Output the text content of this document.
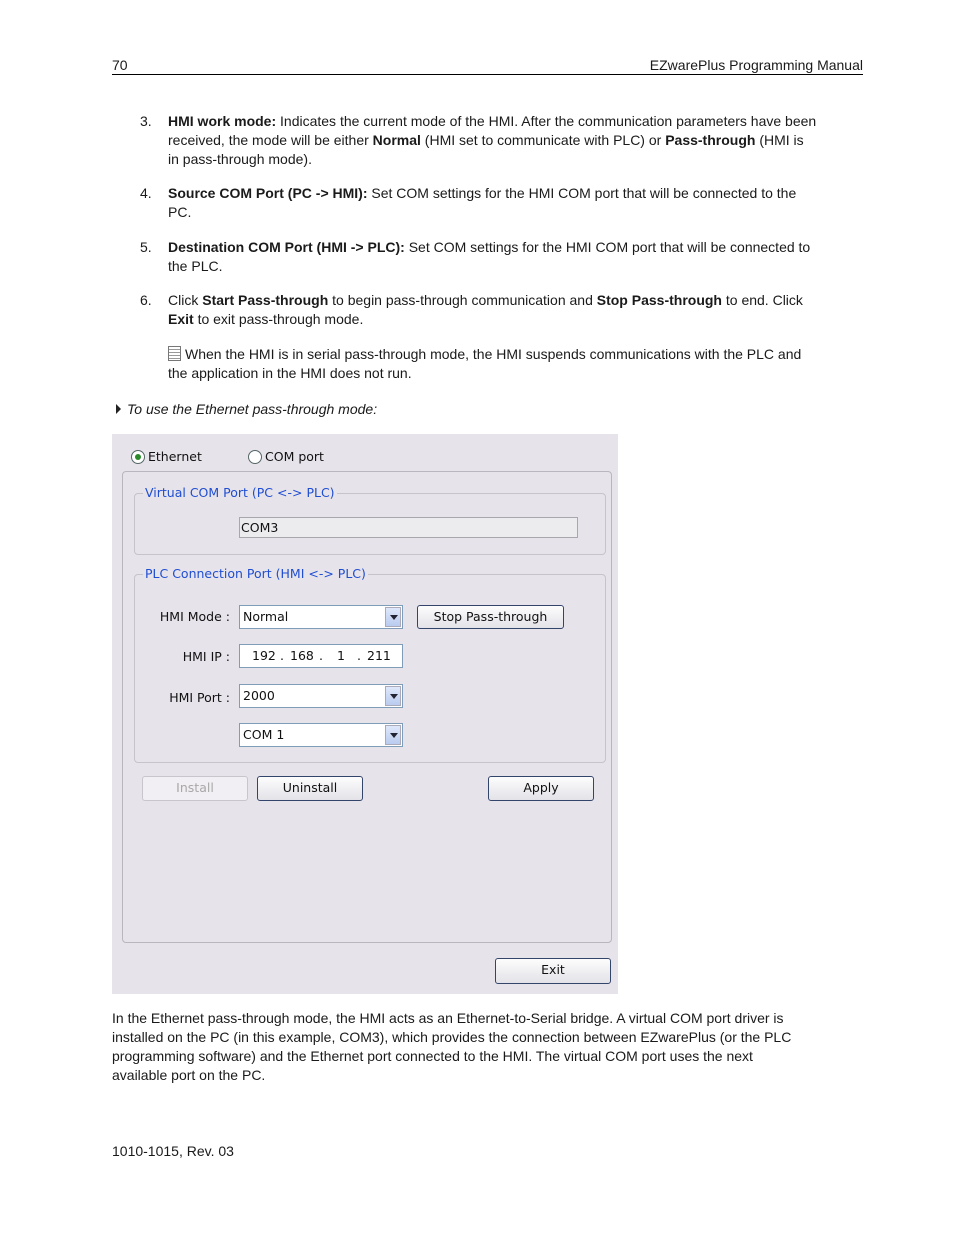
70	EZwarePlus Programming Manual
3. HMI work mode: Indicates the current mode of the HMI. After the communication parameters have been received, the mode will be either Normal (HMI set to communicate with PLC) or Pass-through (HMI is in pass-through mode).
4. Source COM Port (PC -> HMI): Set COM settings for the HMI COM port that will be connected to the PC.
5. Destination COM Port (HMI -> PLC): Set COM settings for the HMI COM port that will be connected to the PLC.
6. Click Start Pass-through to begin pass-through communication and Stop Pass-through to end. Click Exit to exit pass-through mode.
When the HMI is in serial pass-through mode, the HMI suspends communications with the PLC and the application in the HMI does not run.
To use the Ethernet pass-through mode:
Ethernet	COM port
Virtual COM Port (PC <-> PLC)
COM3
PLC Connection Port (HMI <-> PLC)
HMI Mode : Normal	Stop Pass-through
HMI IP : 192 . 168 . 1 . 211
HMI Port : 2000
COM 1
Install	Uninstall	Apply
Exit
In the Ethernet pass-through mode, the HMI acts as an Ethernet-to-Serial bridge. A virtual COM port driver is installed on the PC (in this example, COM3), which provides the connection between EZwarePlus (or the PLC programming software) and the Ethernet port connected to the HMI. The virtual COM port uses the next available port on the PC.
1010-1015, Rev. 03
